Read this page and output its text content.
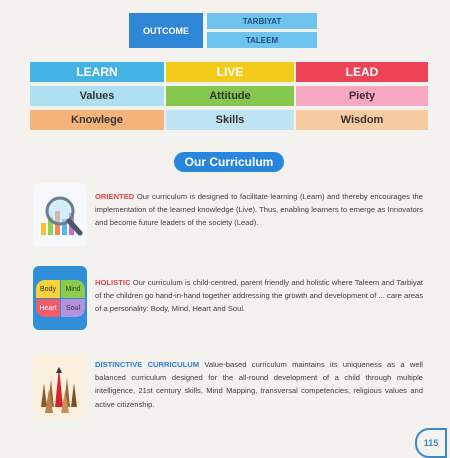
OUTCOME
TARBIYAT
TALEEM
LEARN	LIVE	LEAD
Values	Attitude	Piety
Knowlege	Skills	Wisdom
Our Curriculum
ORIENTED Our curriculum is designed to facilitate learning (Learn) and thereby encourages the implementation of the learned knowledge (Live). Thus, enabling learners to emerge as Innovators and become future leaders of the society (Lead).
Body	Mind
Heart	Soul
HOLISTIC Our curriculum is child-centred, parent friendly and holistic where Taleem and Tarbiyat of the children go hand-in-hand together addressing the growth and development of ... care areas of a personality: Body, Mind, Heart and Soul.
DISTINCTIVE CURRICULUM Value-based curriculum maintains its uniqueness as a well balanced curriculum designed for the all-round development of a child through multiple intelligence, 21st century skills, Mind Mapping, transversal competencies, religious values and active citizenship.
115
